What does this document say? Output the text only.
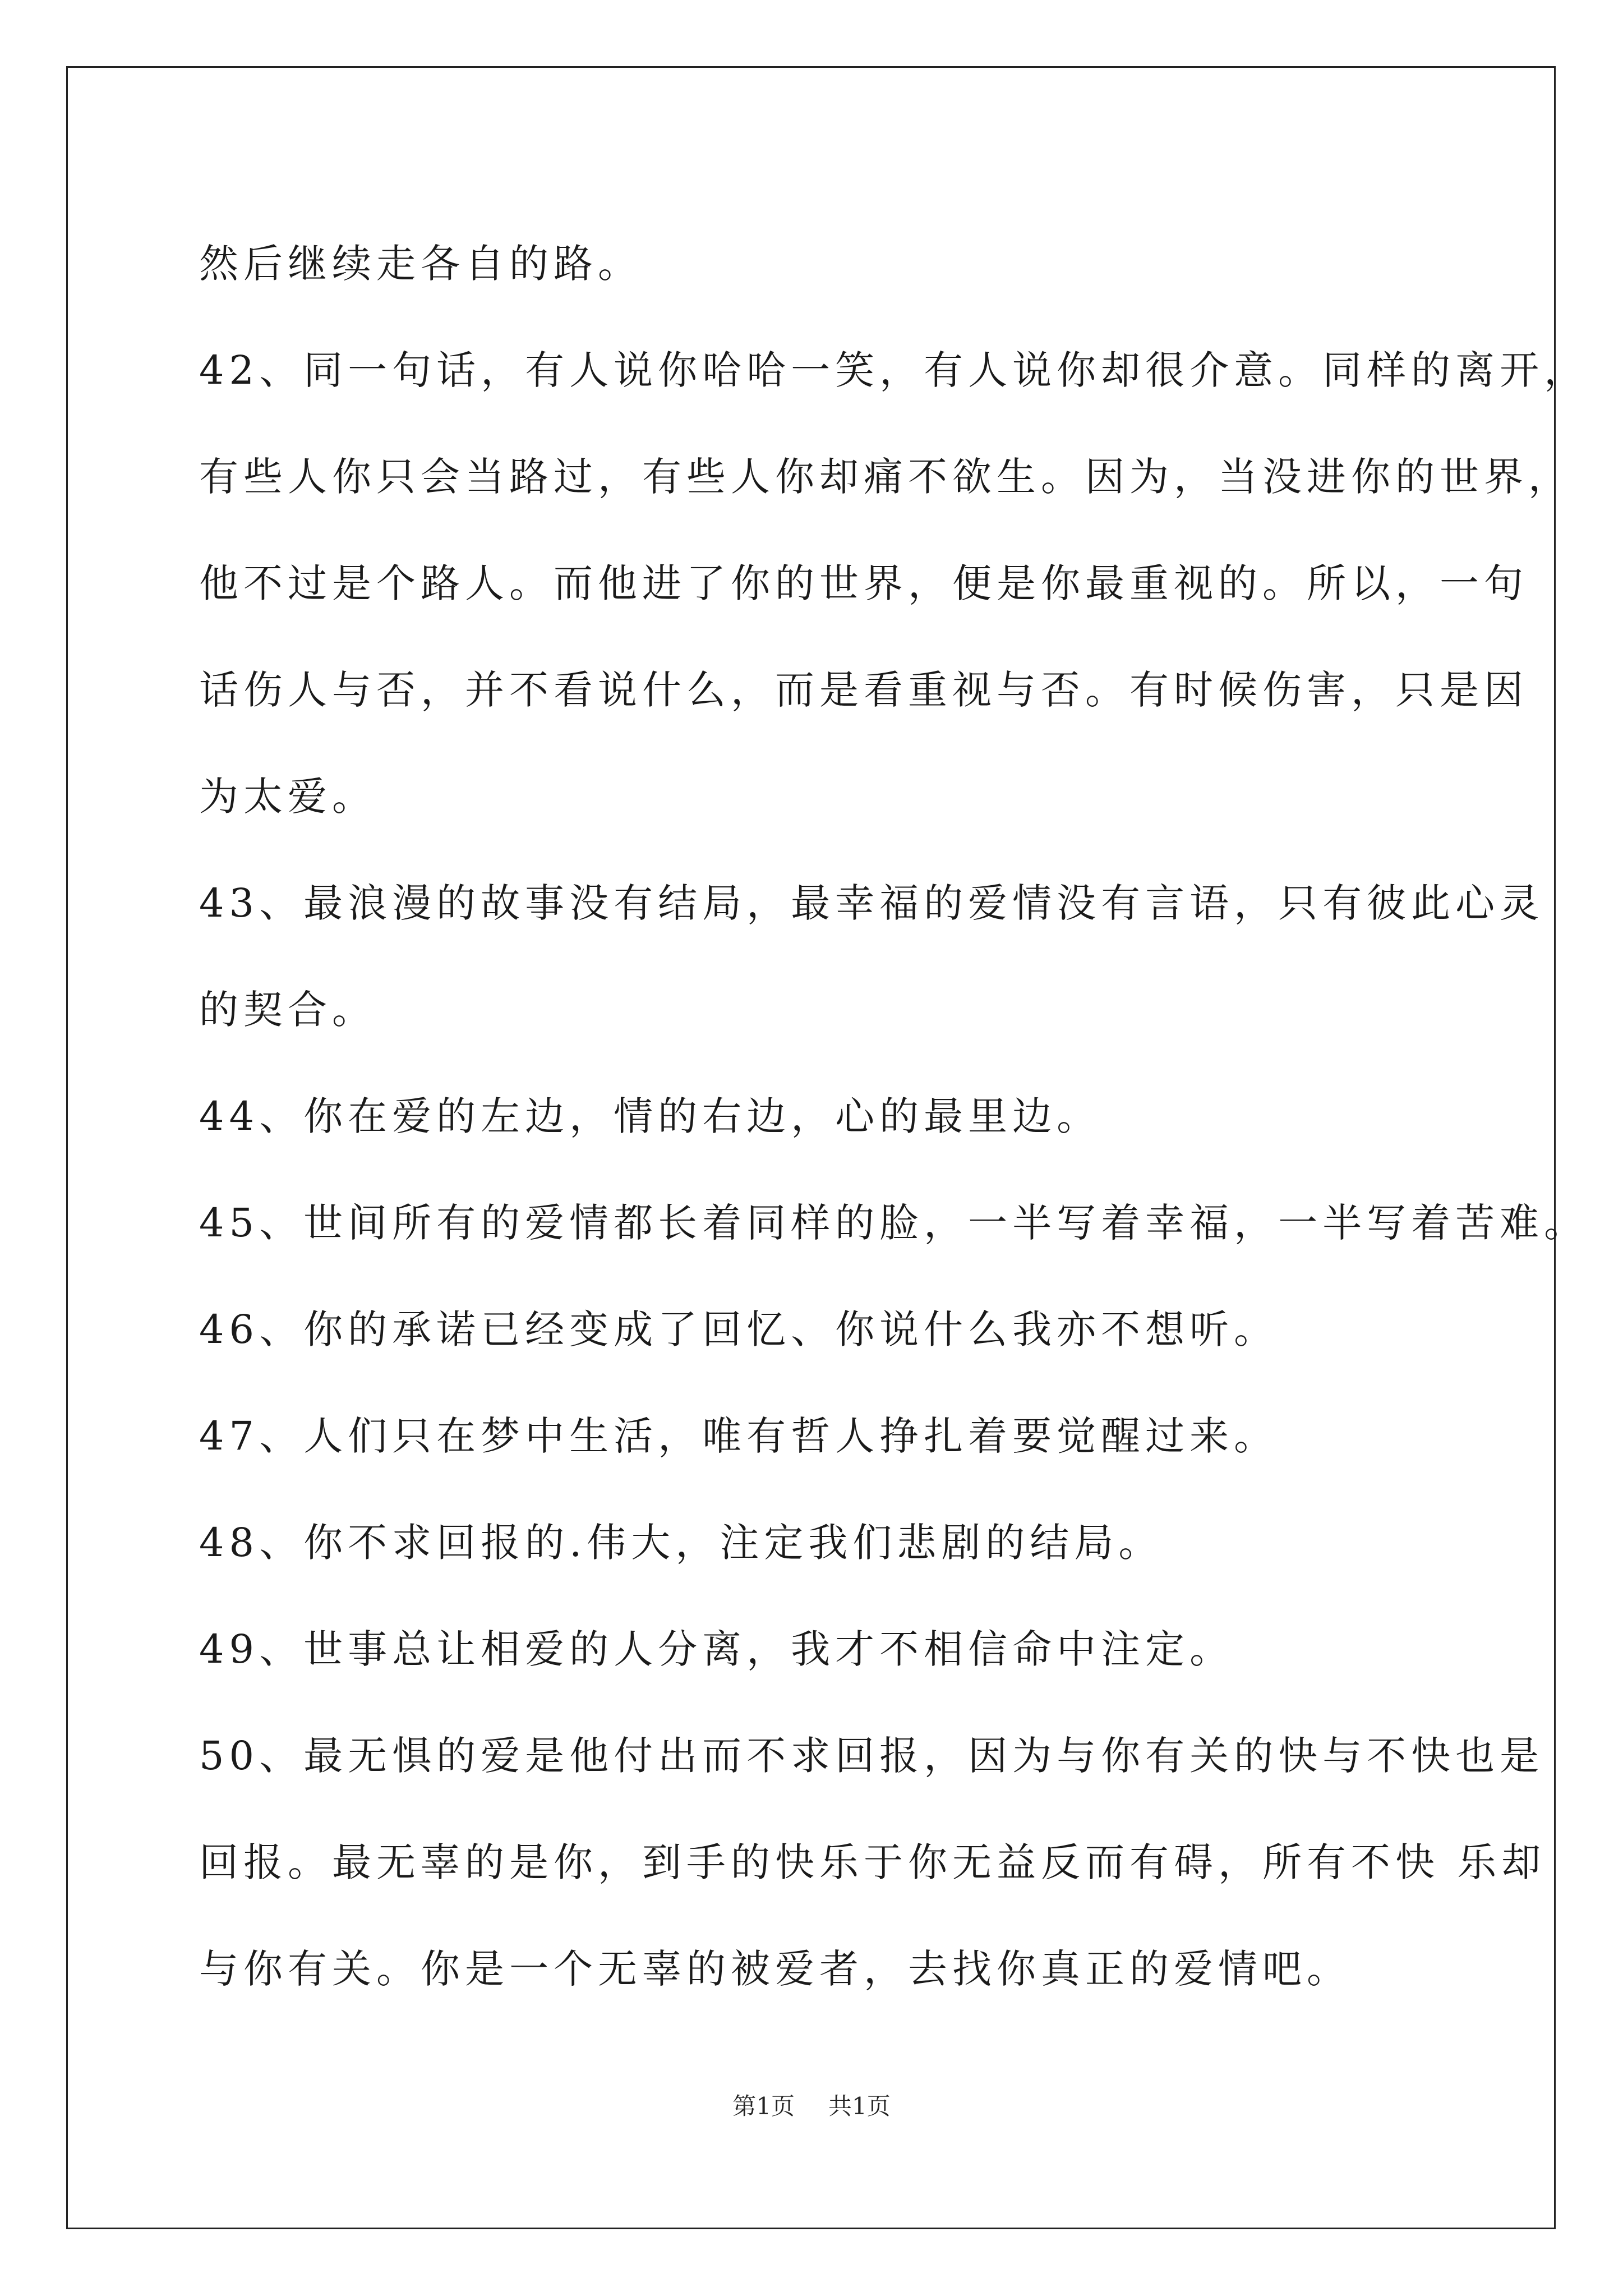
然后继续走各自的路。
42、同一句话，有人说你哈哈一笑，有人说你却很介意。同样的离开，
有些人你只会当路过，有些人你却痛不欲生。因为，当没进你的世界，
他不过是个路人。而他进了你的世界，便是你最重视的。所以，一句
话伤人与否，并不看说什么，而是看重视与否。有时候伤害，只是因
为太爱。
43、最浪漫的故事没有结局，最幸福的爱情没有言语，只有彼此心灵
的契合。
44、你在爱的左边，情的右边，心的最里边。
45、世间所有的爱情都长着同样的脸，一半写着幸福，一半写着苦难。
46、你的承诺已经变成了回忆、你说什么我亦不想听。
47、人们只在梦中生活，唯有哲人挣扎着要觉醒过来。
48、你不求回报的.伟大，注定我们悲剧的结局。
49、世事总让相爱的人分离，我才不相信命中注定。
50、最无惧的爱是他付出而不求回报，因为与你有关的快与不快也是
回报。最无辜的是你，到手的快乐于你无益反而有碍，所有不快 乐却
与你有关。你是一个无辜的被爱者，去找你真正的爱情吧。
第1页 共1页
